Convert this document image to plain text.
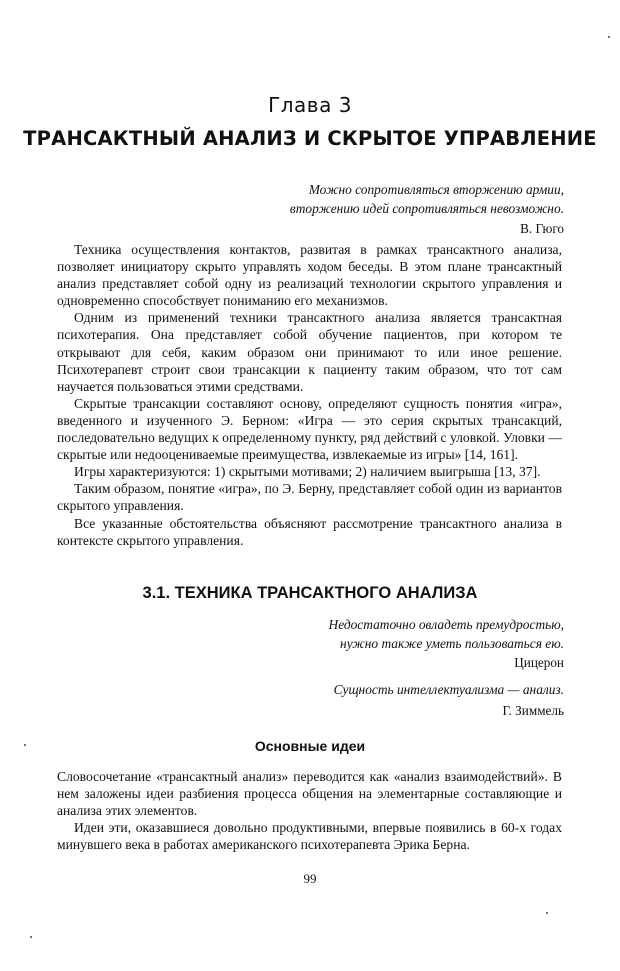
Глава 3
ТРАНСАКТНЫЙ АНАЛИЗ И СКРЫТОЕ УПРАВЛЕНИЕ
Можно сопротивляться вторжению армии,
вторжению идей сопротивляться невозможно.
В. Гюго

Техника осуществления контактов, развитая в рамках трансактного анализа, позволяет инициатору скрыто управлять ходом беседы. В этом плане трансактный анализ представляет собой одну из реализаций технологии скрытого управления и одновременно способствует пониманию его механизмов.

Одним из применений техники трансактного анализа является трансактная психотерапия. Она представляет собой обучение пациентов, при котором те открывают для себя, каким образом они принимают то или иное решение. Психотерапевт строит свои трансакции к пациенту таким образом, что тот сам научается пользоваться этими средствами.

Скрытые трансакции составляют основу, определяют сущность понятия «игра», введенного и изученного Э. Берном: «Игра — это серия скрытых трансакций, последовательно ведущих к определенному пункту, ряд действий с уловкой. Уловки — скрытые или недооцениваемые преимущества, извлекаемые из игры» [14, 161].

Игры характеризуются: 1) скрытыми мотивами; 2) наличием выигрыша [13, 37].

Таким образом, понятие «игра», по Э. Берну, представляет собой один из вариантов скрытого управления.

Все указанные обстоятельства объясняют рассмотрение трансактного анализа в контексте скрытого управления.

3.1. ТЕХНИКА ТРАНСАКТНОГО АНАЛИЗА
Недостаточно овладеть премудростью,
нужно также уметь пользоваться ею.
Цицерон
Сущность интеллектуализма — анализ.
Г. Зиммель
Основные идеи

Словосочетание «трансактный анализ» переводится как «анализ взаимодействий». В нем заложены идеи разбиения процесса общения на элементарные составляющие и анализа этих элементов.

Идеи эти, оказавшиеся довольно продуктивными, впервые появились в 60-х годах минувшего века в работах американского психотерапевта Эрика Берна.

99
